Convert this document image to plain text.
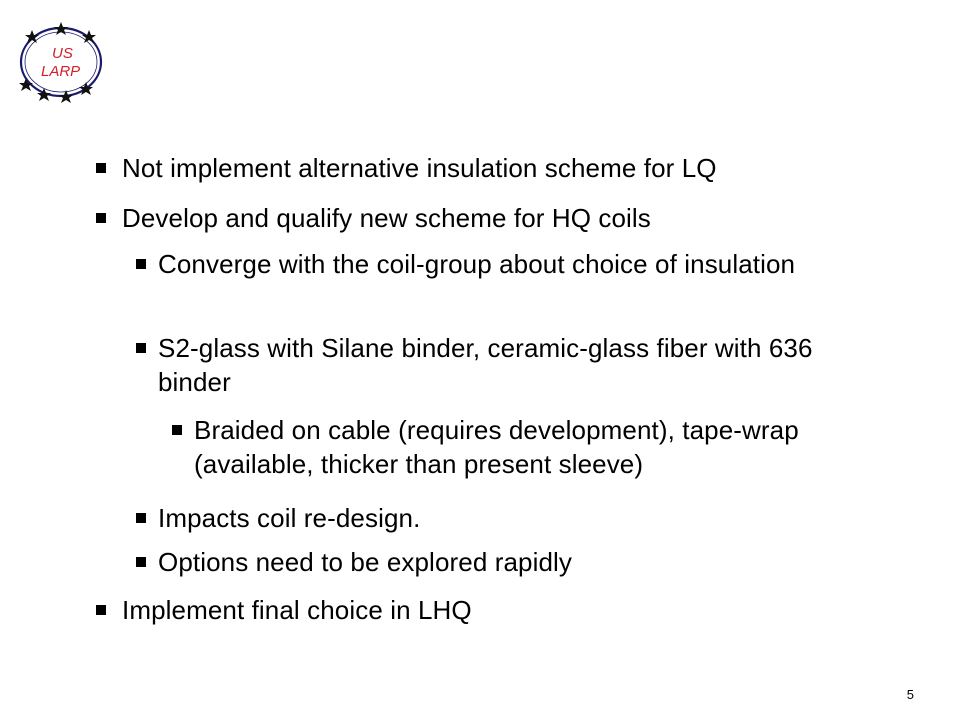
US
LARP
Not implement alternative insulation scheme for LQ
Develop and qualify new scheme for HQ coils
Converge with the coil-group about choice of insulation
S2-glass with Silane binder, ceramic-glass fiber with 636 binder
Braided on cable (requires development), tape-wrap (available, thicker than present sleeve)
Impacts coil re-design.
Options need to be explored rapidly
Implement final choice in LHQ
5
